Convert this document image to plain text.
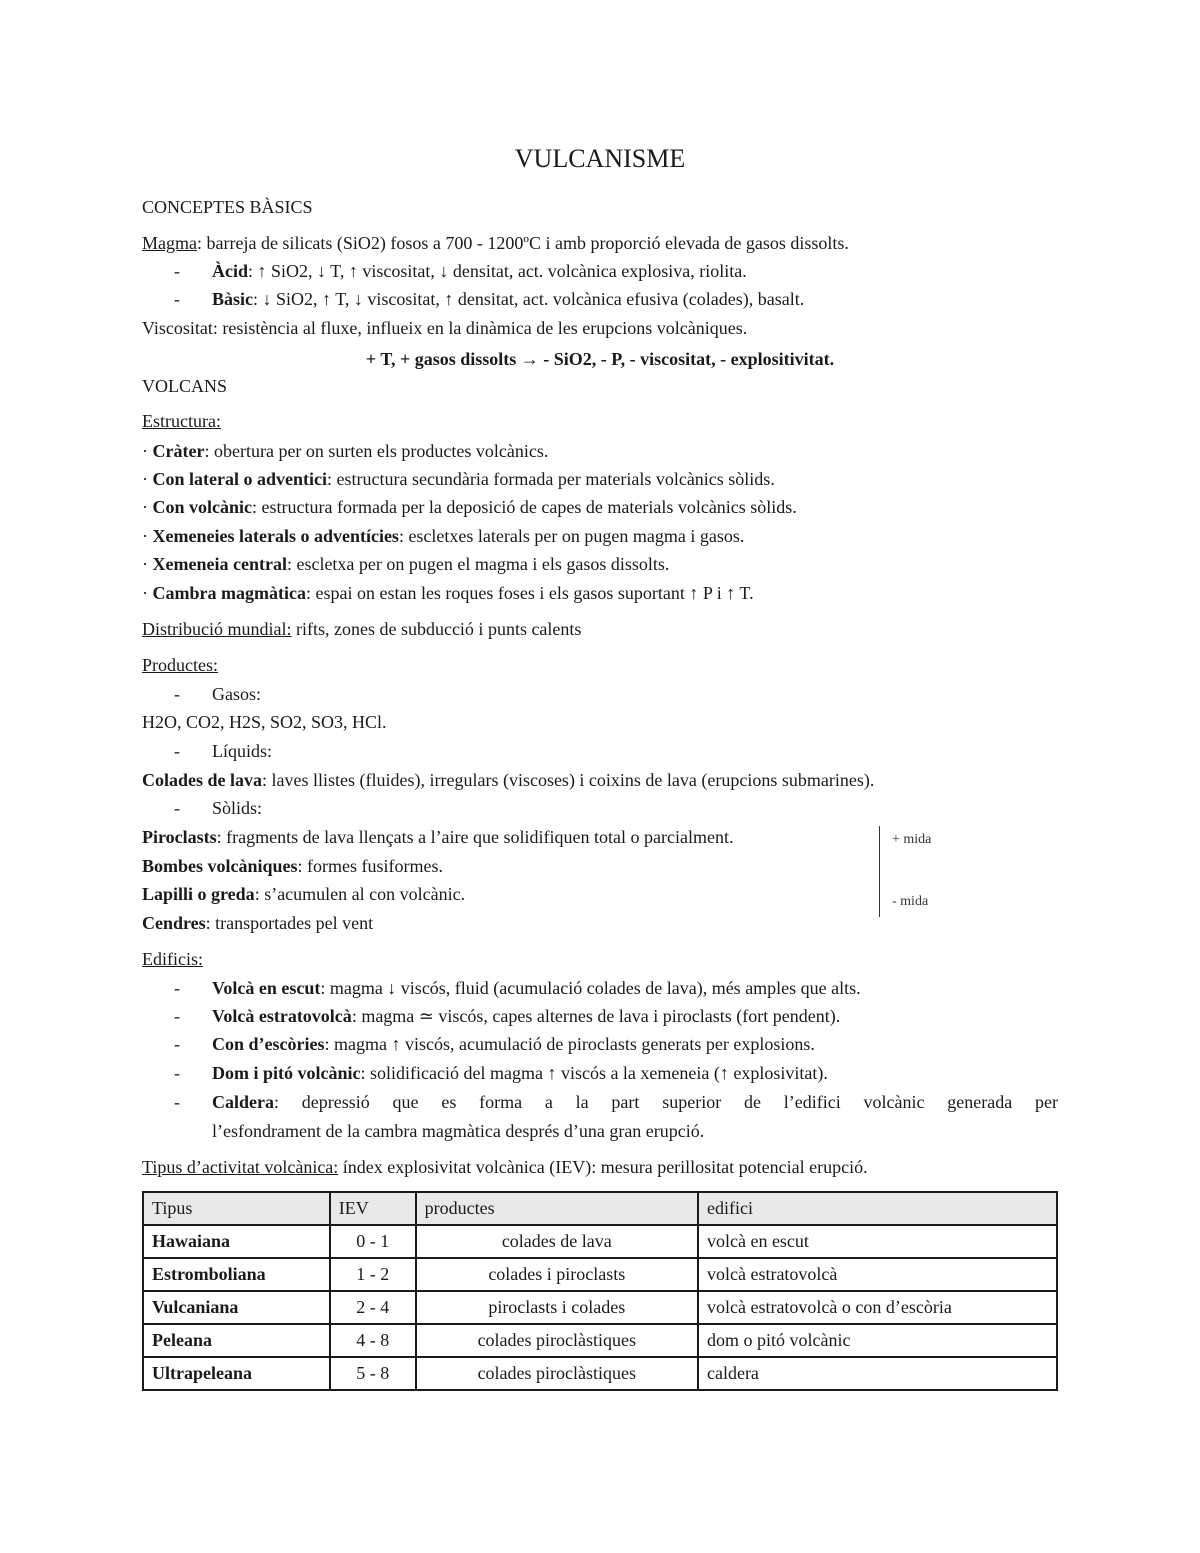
VULCANISME
CONCEPTES BÀSICS
Magma: barreja de silicats (SiO2) fosos a 700 - 1200ºC i amb proporció elevada de gasos dissolts.
- Àcid: ↑ SiO2, ↓ T, ↑ viscositat, ↓ densitat, act. volcànica explosiva, riolita.
- Bàsic: ↓ SiO2, ↑ T, ↓ viscositat, ↑ densitat, act. volcànica efusiva (colades), basalt.
Viscositat: resistència al fluxe, influeix en la dinàmica de les erupcions volcàniques.
+ T, + gasos dissolts → - SiO2, - P, - viscositat, - explositivitat.
VOLCANS
Estructura:
· Cràter: obertura per on surten els productes volcànics.
· Con lateral o adventici: estructura secundària formada per materials volcànics sòlids.
· Con volcànic: estructura formada per la deposició de capes de materials volcànics sòlids.
· Xemeneies laterals o adventícies: escletxes laterals per on pugen magma i gasos.
· Xemeneia central: escletxa per on pugen el magma i els gasos dissolts.
· Cambra magmàtica: espai on estan les roques foses i els gasos suportant ↑ P i ↑ T.
Distribució mundial: rifts, zones de subducció i punts calents
Productes:
- Gasos:
H2O, CO2, H2S, SO2, SO3, HCl.
- Líquids:
Colades de lava: laves llistes (fluides), irregulars (viscoses) i coixins de lava (erupcions submarines).
- Sòlids:
Piroclasts: fragments de lava llençats a l’aire que solidifiquen total o parcialment.
Bombes volcàniques: formes fusiformes.
Lapilli o greda: s’acumulen al con volcànic.
Cendres: transportades pel vent
+ mida
- mida
Edificis:
- Volcà en escut: magma ↓ viscós, fluid (acumulació colades de lava), més amples que alts.
- Volcà estratovolcà: magma ≃ viscós, capes alternes de lava i piroclasts (fort pendent).
- Con d’escòries: magma ↑ viscós, acumulació de piroclasts generats per explosions.
- Dom i pitó volcànic: solidificació del magma ↑ viscós a la xemeneia (↑ explosivitat).
- Caldera: depressió que es forma a la part superior de l’edifici volcànic generada per
l’esfondrament de la cambra magmàtica després d’una gran erupció.
Tipus d’activitat volcànica: índex explosivitat volcànica (IEV): mesura perillositat potencial erupció.
Tipus	IEV	productes	edifici
Hawaiana	0 - 1	colades de lava	volcà en escut
Estromboliana	1 - 2	colades i piroclasts	volcà estratovolcà
Vulcaniana	2 - 4	piroclasts i colades	volcà estratovolcà o con d’escòria
Peleana	4 - 8	colades piroclàstiques	dom o pitó volcànic
Ultrapeleana	5 - 8	colades piroclàstiques	caldera
